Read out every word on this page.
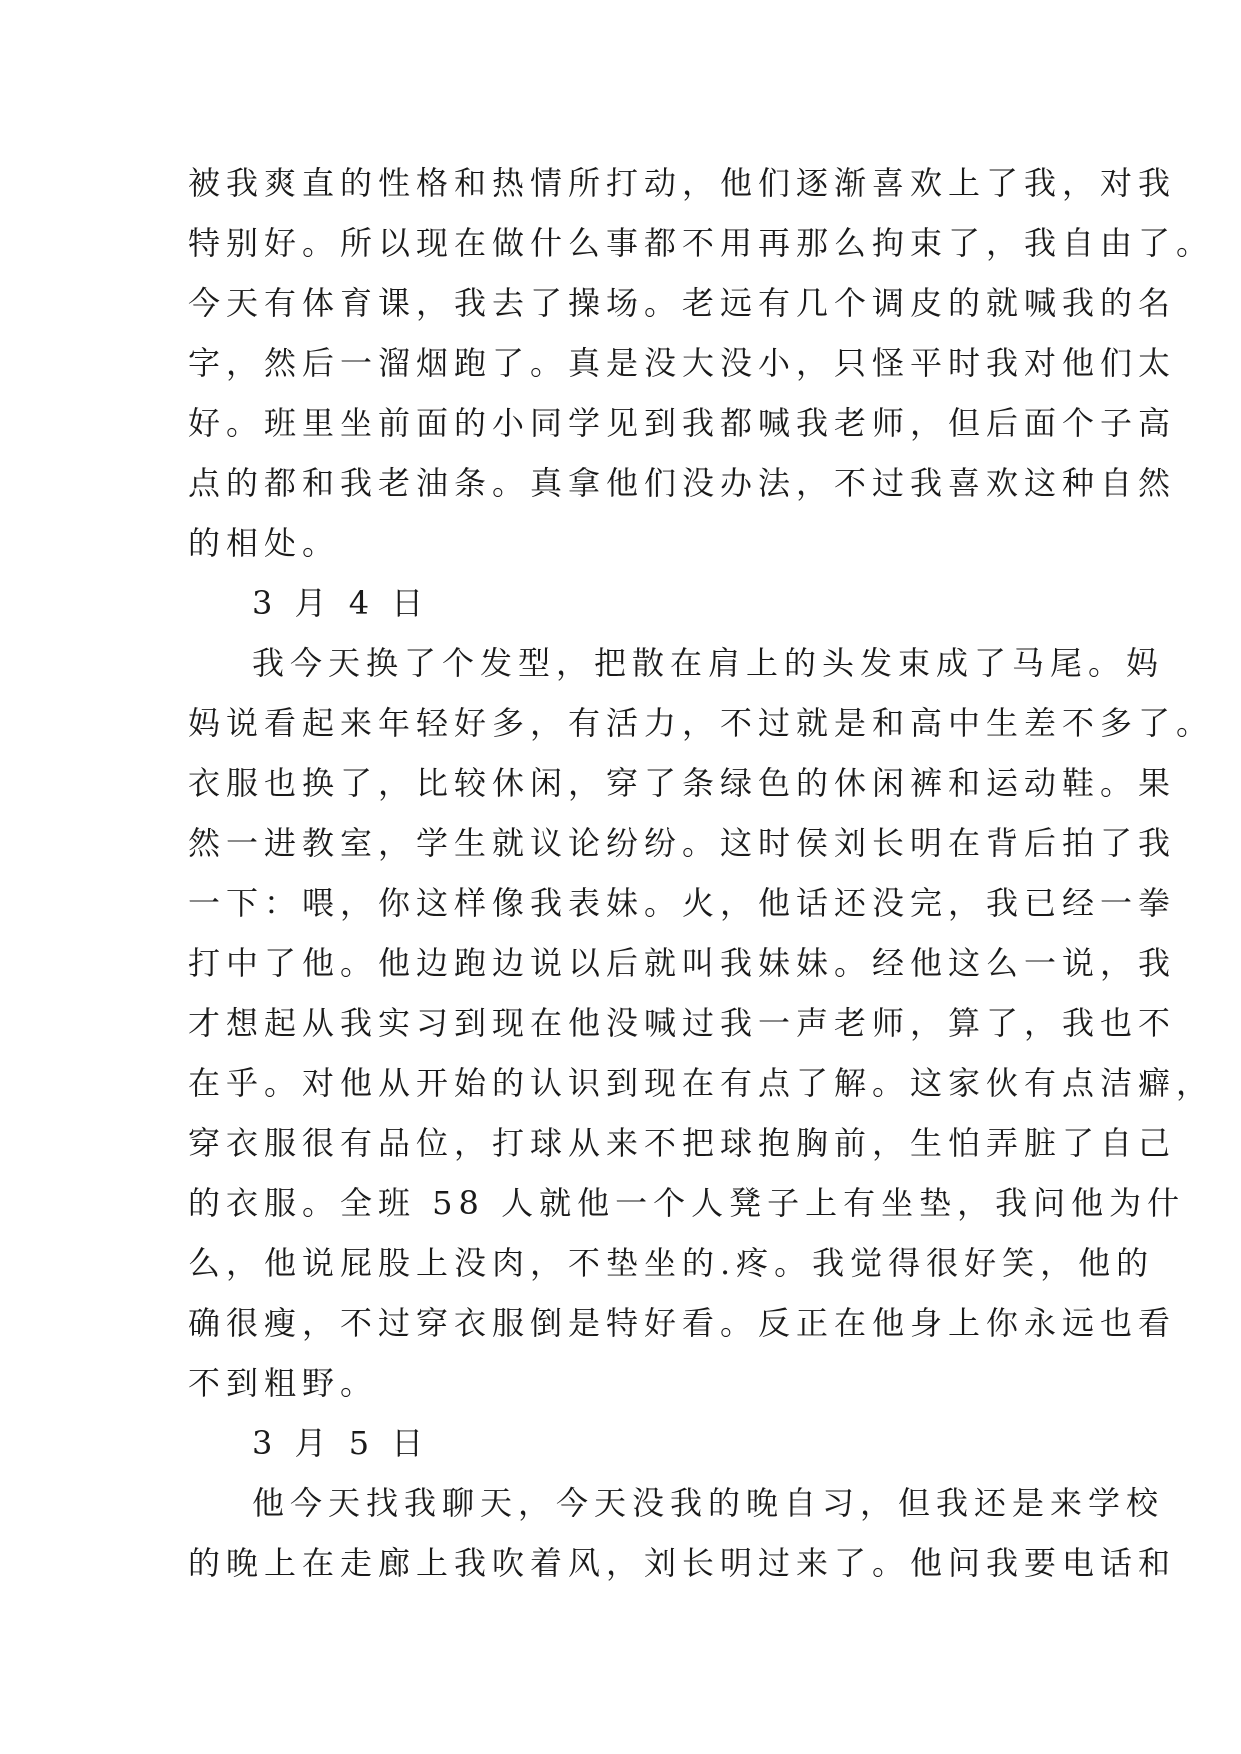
被我爽直的性格和热情所打动，他们逐渐喜欢上了我，对我
特别好。所以现在做什么事都不用再那么拘束了，我自由了。
今天有体育课，我去了操场。老远有几个调皮的就喊我的名
字，然后一溜烟跑了。真是没大没小，只怪平时我对他们太
好。班里坐前面的小同学见到我都喊我老师，但后面个子高
点的都和我老油条。真拿他们没办法，不过我喜欢这种自然
的相处。
3 月 4 日
我今天换了个发型，把散在肩上的头发束成了马尾。妈
妈说看起来年轻好多，有活力，不过就是和高中生差不多了。
衣服也换了，比较休闲，穿了条绿色的休闲裤和运动鞋。果
然一进教室，学生就议论纷纷。这时侯刘长明在背后拍了我
一下：喂，你这样像我表妹。火，他话还没完，我已经一拳
打中了他。他边跑边说以后就叫我妹妹。经他这么一说，我
才想起从我实习到现在他没喊过我一声老师，算了，我也不
在乎。对他从开始的认识到现在有点了解。这家伙有点洁癖，
穿衣服很有品位，打球从来不把球抱胸前，生怕弄脏了自己
的衣服。全班 58 人就他一个人凳子上有坐垫，我问他为什
么，他说屁股上没肉，不垫坐的.疼。我觉得很好笑，他的
确很瘦，不过穿衣服倒是特好看。反正在他身上你永远也看
不到粗野。
3 月 5 日
他今天找我聊天，今天没我的晚自习，但我还是来学校
的晚上在走廊上我吹着风，刘长明过来了。他问我要电话和
